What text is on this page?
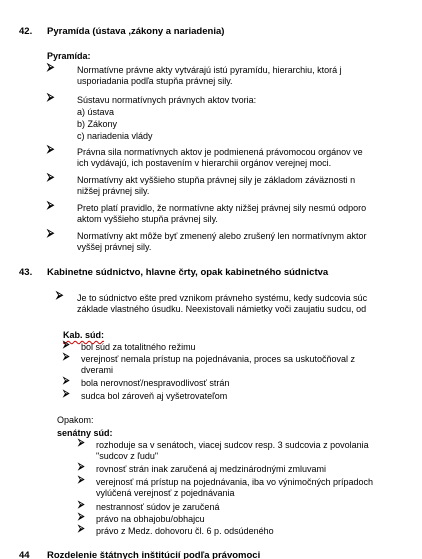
42. Pyramída (ústava ,zákony a nariadenia)
Pyramída:
⮚	Normatívne právne akty vytvárajú istú pyramídu, hierarchiu, ktorá j
usporiadania podľa stupňa právnej sily.
⮚	Sústavu normatívnych právnych aktov tvoria:
a) ústava
b) Zákony
c) nariadenia vlády
⮚	Právna sila normatívnych aktov je podmienená právomocou orgánov ve
ich vydávajú, ich postavením v hierarchii orgánov verejnej moci.
⮚	Normatívny akt vyššieho stupňa právnej sily je základom záväznosti n
nižšej právnej sily.
⮚	Preto platí pravidlo, že normatívne akty nižšej právnej sily nesmú odporo
aktom vyššieho stupňa právnej sily.
⮚	Normatívny akt môže byť zmenený alebo zrušený len normatívnym aktor
vyššej právnej sily.
43. Kabinetne súdnictvo, hlavne črty, opak kabinetného súdnictva
⮚ Je to súdnictvo ešte pred vznikom právneho systému, kedy sudcovia súc
základe vlastného úsudku. Neexistovali námietky voči zaujatiu sudcu, od
Kab. súd:
⮚ bol súd za totalitného režimu
⮚ verejnosť nemala prístup na pojednávania, proces sa uskutočňoval z
dverami
⮚ bola nerovnosť/nespravodlivosť strán
⮚ sudca bol zároveň aj vyšetrovateľom
Opakom:
senátny súd:
⮚ rozhoduje sa v senátoch, viacej sudcov resp. 3 sudcovia z povolania
"sudcov z ľudu"
⮚ rovnosť strán inak zaručená aj medzinárodnými zmluvami
⮚ verejnosť má prístup na pojednávania, iba vo výnimočných prípadoch
vylúčená verejnosť z pojednávania
⮚ nestrannosť súdov je zaručená
⮚ právo na obhajobu/obhajcu
⮚ právo z Medz. dohovoru čl. 6 p. odsúdeného
44 Rozdelenie štátnych inštitúcií podľa právomoci
